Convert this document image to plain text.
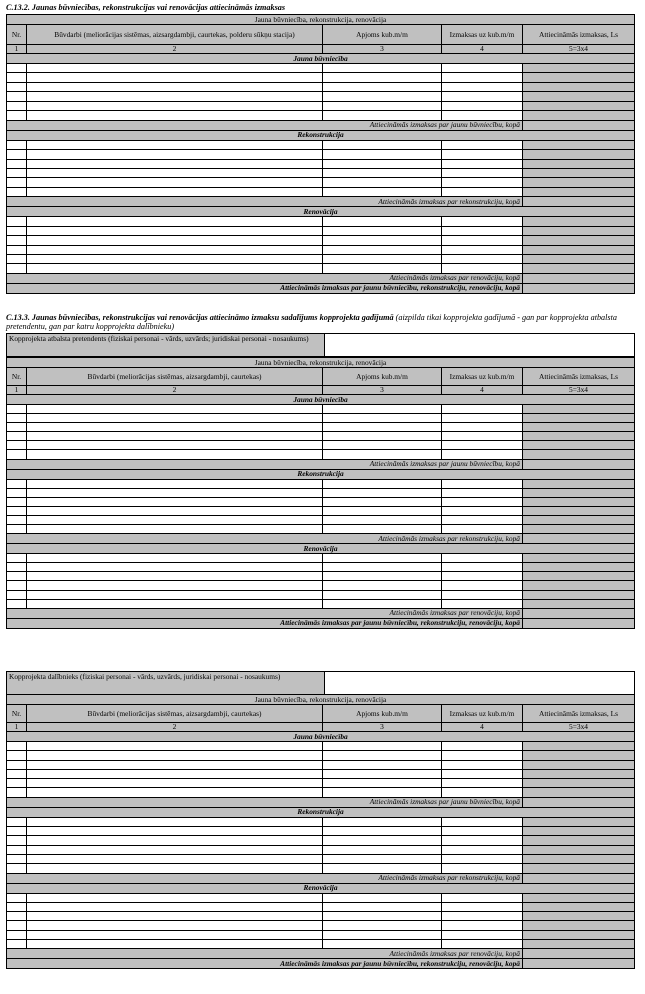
C.13.2. Jaunas būvniecības, rekonstrukcijas vai renovācijas attiecināmās izmaksas
Jauna būvniecība, rekonstrukcija, renovācija				
Nr.	Būvdarbi (meliorācijas sistēmas, aizsargdambji, caurtekas, polderu sūkņu stacija)	Apjoms kub.m/m	Izmaksas uz kub.m/m	Attiecināmās izmaksas, Ls
1	2	3	4	5=3x4
Jauna būvniecība				

Attiecināmās izmaksas par jaunu būvniecību, kopā				
Rekonstrukcija				

Attiecināmās izmaksas par rekonstrukciju, kopā				
Renovācija				

Attiecināmās izmaksas par renovāciju, kopā				
Attiecināmās izmaksas par jaunu būvniecību, rekonstrukciju, renovāciju, kopā				
C.13.3. Jaunas būvniecības, rekonstrukcijas vai renovācijas attiecināmo izmaksu sadalījums kopprojekta gadījumā (aizpilda tikai kopprojekta gadījumā - gan par kopprojekta atbalsta pretendentu, gan par katru kopprojekta dalībnieku)
Kopprojekta atbalsta pretendents (fiziskai personai - vārds, uzvārds; juridiskai personai - nosaukums)	
Jauna būvniecība, rekonstrukcija, renovācija				
Nr.	Būvdarbi (meliorācijas sistēmas, aizsargdambji, caurtekas)	Apjoms kub.m/m	Izmaksas uz kub.m/m	Attiecināmās izmaksas, Ls
1	2	3	4	5=3x4
Jauna būvniecība				

Attiecināmās izmaksas par jaunu būvniecību, kopā				
Rekonstrukcija				

Attiecināmās izmaksas par rekonstrukciju, kopā				
Renovācija				

Attiecināmās izmaksas par renovāciju, kopā				
Attiecināmās izmaksas par jaunu būvniecību, rekonstrukciju, renovāciju, kopā				
Kopprojekta dalībnieks (fiziskai personai - vārds, uzvārds, juridiskai personai - nosaukums)	
Jauna būvniecība, rekonstrukcija, renovācija				
Nr.	Būvdarbi (meliorācijas sistēmas, aizsargdambji, caurtekas)	Apjoms kub.m/m	Izmaksas uz kub.m/m	Attiecināmās izmaksas, Ls
1	2	3	4	5=3x4
Jauna būvniecība				

Attiecināmās izmaksas par jaunu būvniecību, kopā				
Rekonstrukcija				

Attiecināmās izmaksas par rekonstrukciju, kopā				
Renovācija				

Attiecināmās izmaksas par renovāciju, kopā				
Attiecināmās izmaksas par jaunu būvniecību, rekonstrukciju, renovāciju, kopā				
